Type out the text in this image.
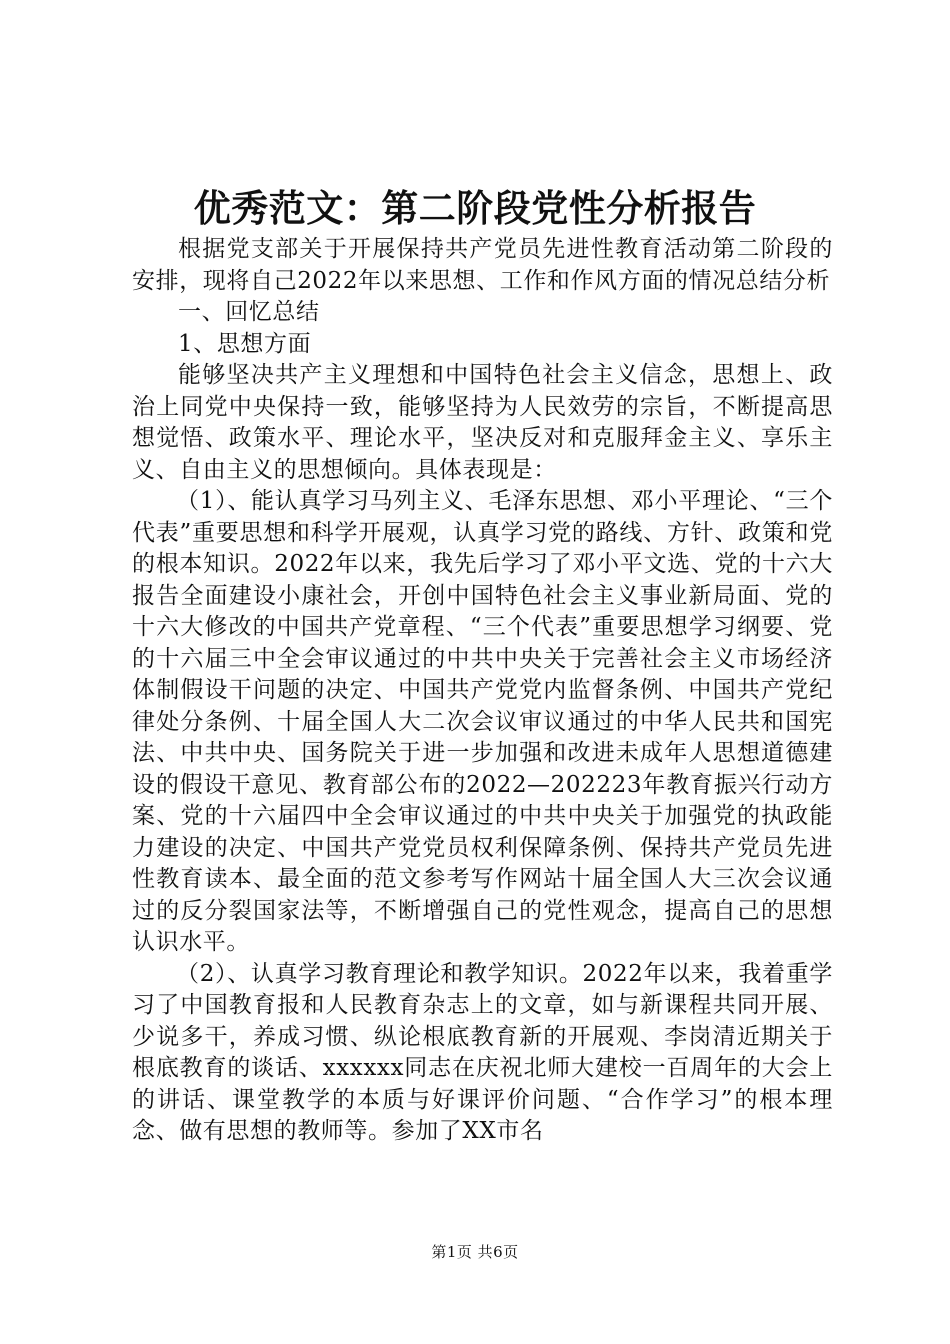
优秀范文：第二阶段党性分析报告

根据党支部关于开展保持共产党员先进性教育活动第二阶段的安排，现将自己2022年以来思想、工作和作风方面的情况总结分析

一、回忆总结

1、思想方面

能够坚决共产主义理想和中国特色社会主义信念，思想上、政治上同党中央保持一致，能够坚持为人民效劳的宗旨，不断提高思想觉悟、政策水平、理论水平，坚决反对和克服拜金主义、享乐主义、自由主义的思想倾向。具体表现是：

（1）、能认真学习马列主义、毛泽东思想、邓小平理论、“三个代表”重要思想和科学开展观，认真学习党的路线、方针、政策和党的根本知识。2022年以来，我先后学习了邓小平文选、党的十六大报告全面建设小康社会，开创中国特色社会主义事业新局面、党的十六大修改的中国共产党章程、“三个代表”重要思想学习纲要、党的十六届三中全会审议通过的中共中央关于完善社会主义市场经济体制假设干问题的决定、中国共产党党内监督条例、中国共产党纪律处分条例、十届全国人大二次会议审议通过的中华人民共和国宪法、中共中央、国务院关于进一步加强和改进未成年人思想道德建设的假设干意见、教育部公布的2022—202223年教育振兴行动方案、党的十六届四中全会审议通过的中共中央关于加强党的执政能力建设的决定、中国共产党党员权利保障条例、保持共产党员先进性教育读本、最全面的范文参考写作网站十届全国人大三次会议通过的反分裂国家法等，不断增强自己的党性观念，提高自己的思想认识水平。

（2）、认真学习教育理论和教学知识。2022年以来，我着重学习了中国教育报和人民教育杂志上的文章，如与新课程共同开展、少说多干，养成习惯、纵论根底教育新的开展观、李岗清近期关于根底教育的谈话、xxxxxx同志在庆祝北师大建校一百周年的大会上的讲话、课堂教学的本质与好课评价问题、“合作学习”的根本理念、做有思想的教师等。参加了XX市名

第1页 共6页
